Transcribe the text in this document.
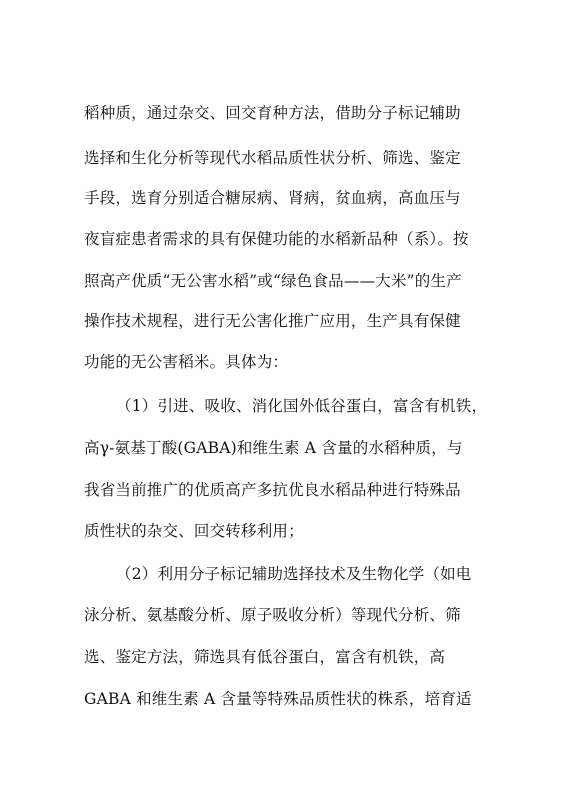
稻种质，通过杂交、回交育种方法，借助分子标记辅助
选择和生化分析等现代水稻品质性状分析、筛选、鉴定
手段，选育分别适合糖尿病、肾病，贫血病，高血压与
夜盲症患者需求的具有保健功能的水稻新品种（系）。按
照高产优质“无公害水稻”或“绿色食品——大米”的生产
操作技术规程，进行无公害化推广应用，生产具有保健
功能的无公害稻米。具体为：
（1）引进、吸收、消化国外低谷蛋白，富含有机铁，
高γ-氨基丁酸(GABA)和维生素 A 含量的水稻种质，与
我省当前推广的优质高产多抗优良水稻品种进行特殊品
质性状的杂交、回交转移利用；
（2）利用分子标记辅助选择技术及生物化学（如电
泳分析、氨基酸分析、原子吸收分析）等现代分析、筛
选、鉴定方法，筛选具有低谷蛋白，富含有机铁，高
GABA 和维生素 A 含量等特殊品质性状的株系，培育适
